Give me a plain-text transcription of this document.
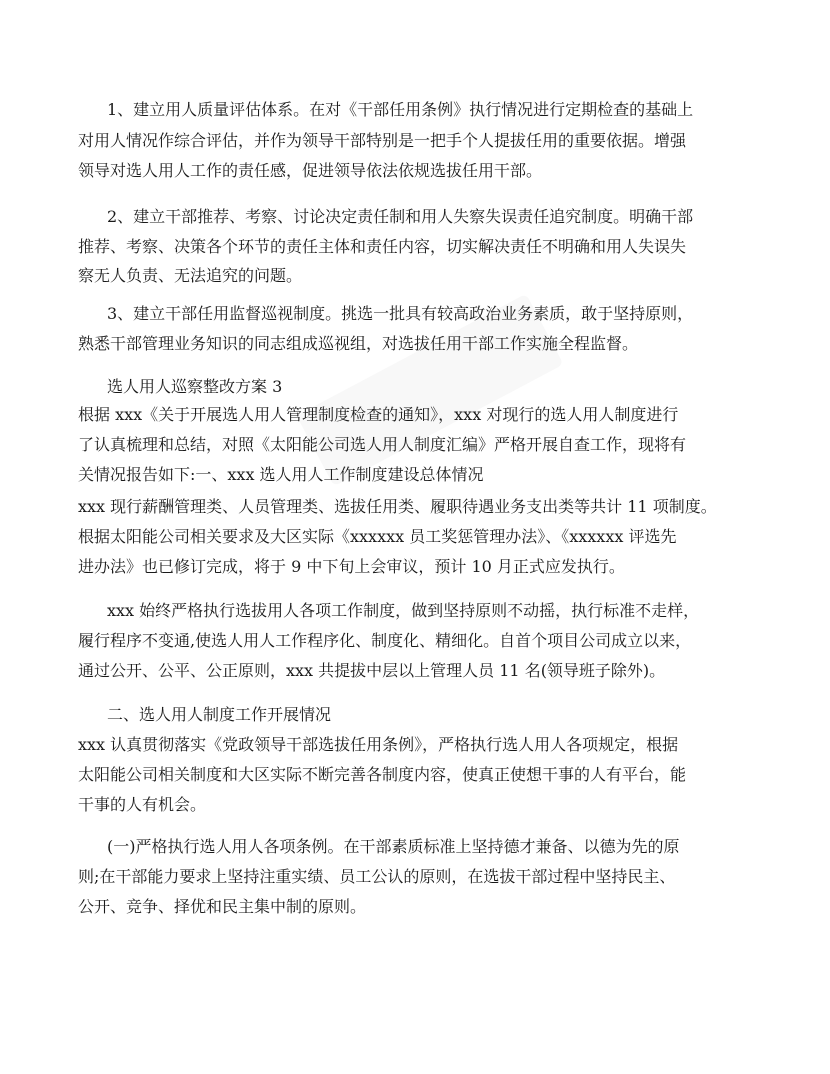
1、建立用人质量评估体系。在对《干部任用条例》执行情况进行定期检查的基础上
对用人情况作综合评估，并作为领导干部特别是一把手个人提拔任用的重要依据。增强
领导对选人用人工作的责任感，促进领导依法依规选拔任用干部。
2、建立干部推荐、考察、讨论决定责任制和用人失察失误责任追究制度。明确干部
推荐、考察、决策各个环节的责任主体和责任内容，切实解决责任不明确和用人失误失
察无人负责、无法追究的问题。
3、建立干部任用监督巡视制度。挑选一批具有较高政治业务素质，敢于坚持原则，
熟悉干部管理业务知识的同志组成巡视组，对选拔任用干部工作实施全程监督。
选人用人巡察整改方案 3
根据 xxx《关于开展选人用人管理制度检查的通知》，xxx 对现行的选人用人制度进行
了认真梳理和总结，对照《太阳能公司选人用人制度汇编》严格开展自查工作，现将有
关情况报告如下:一、xxx 选人用人工作制度建设总体情况
xxx 现行薪酬管理类、人员管理类、选拔任用类、履职待遇业务支出类等共计 11 项制度。
根据太阳能公司相关要求及大区实际《xxxxxx 员工奖惩管理办法》、《xxxxxx 评选先
进办法》也已修订完成，将于 9 中下旬上会审议，预计 10 月正式应发执行。
xxx 始终严格执行选拔用人各项工作制度，做到坚持原则不动摇，执行标准不走样，
履行程序不变通,使选人用人工作程序化、制度化、精细化。自首个项目公司成立以来，
通过公开、公平、公正原则，xxx 共提拔中层以上管理人员 11 名(领导班子除外)。
二、选人用人制度工作开展情况
xxx 认真贯彻落实《党政领导干部选拔任用条例》，严格执行选人用人各项规定，根据
太阳能公司相关制度和大区实际不断完善各制度内容，使真正使想干事的人有平台，能
干事的人有机会。
(一)严格执行选人用人各项条例。在干部素质标准上坚持德才兼备、以德为先的原
则;在干部能力要求上坚持注重实绩、员工公认的原则，在选拔干部过程中坚持民主、
公开、竞争、择优和民主集中制的原则。
